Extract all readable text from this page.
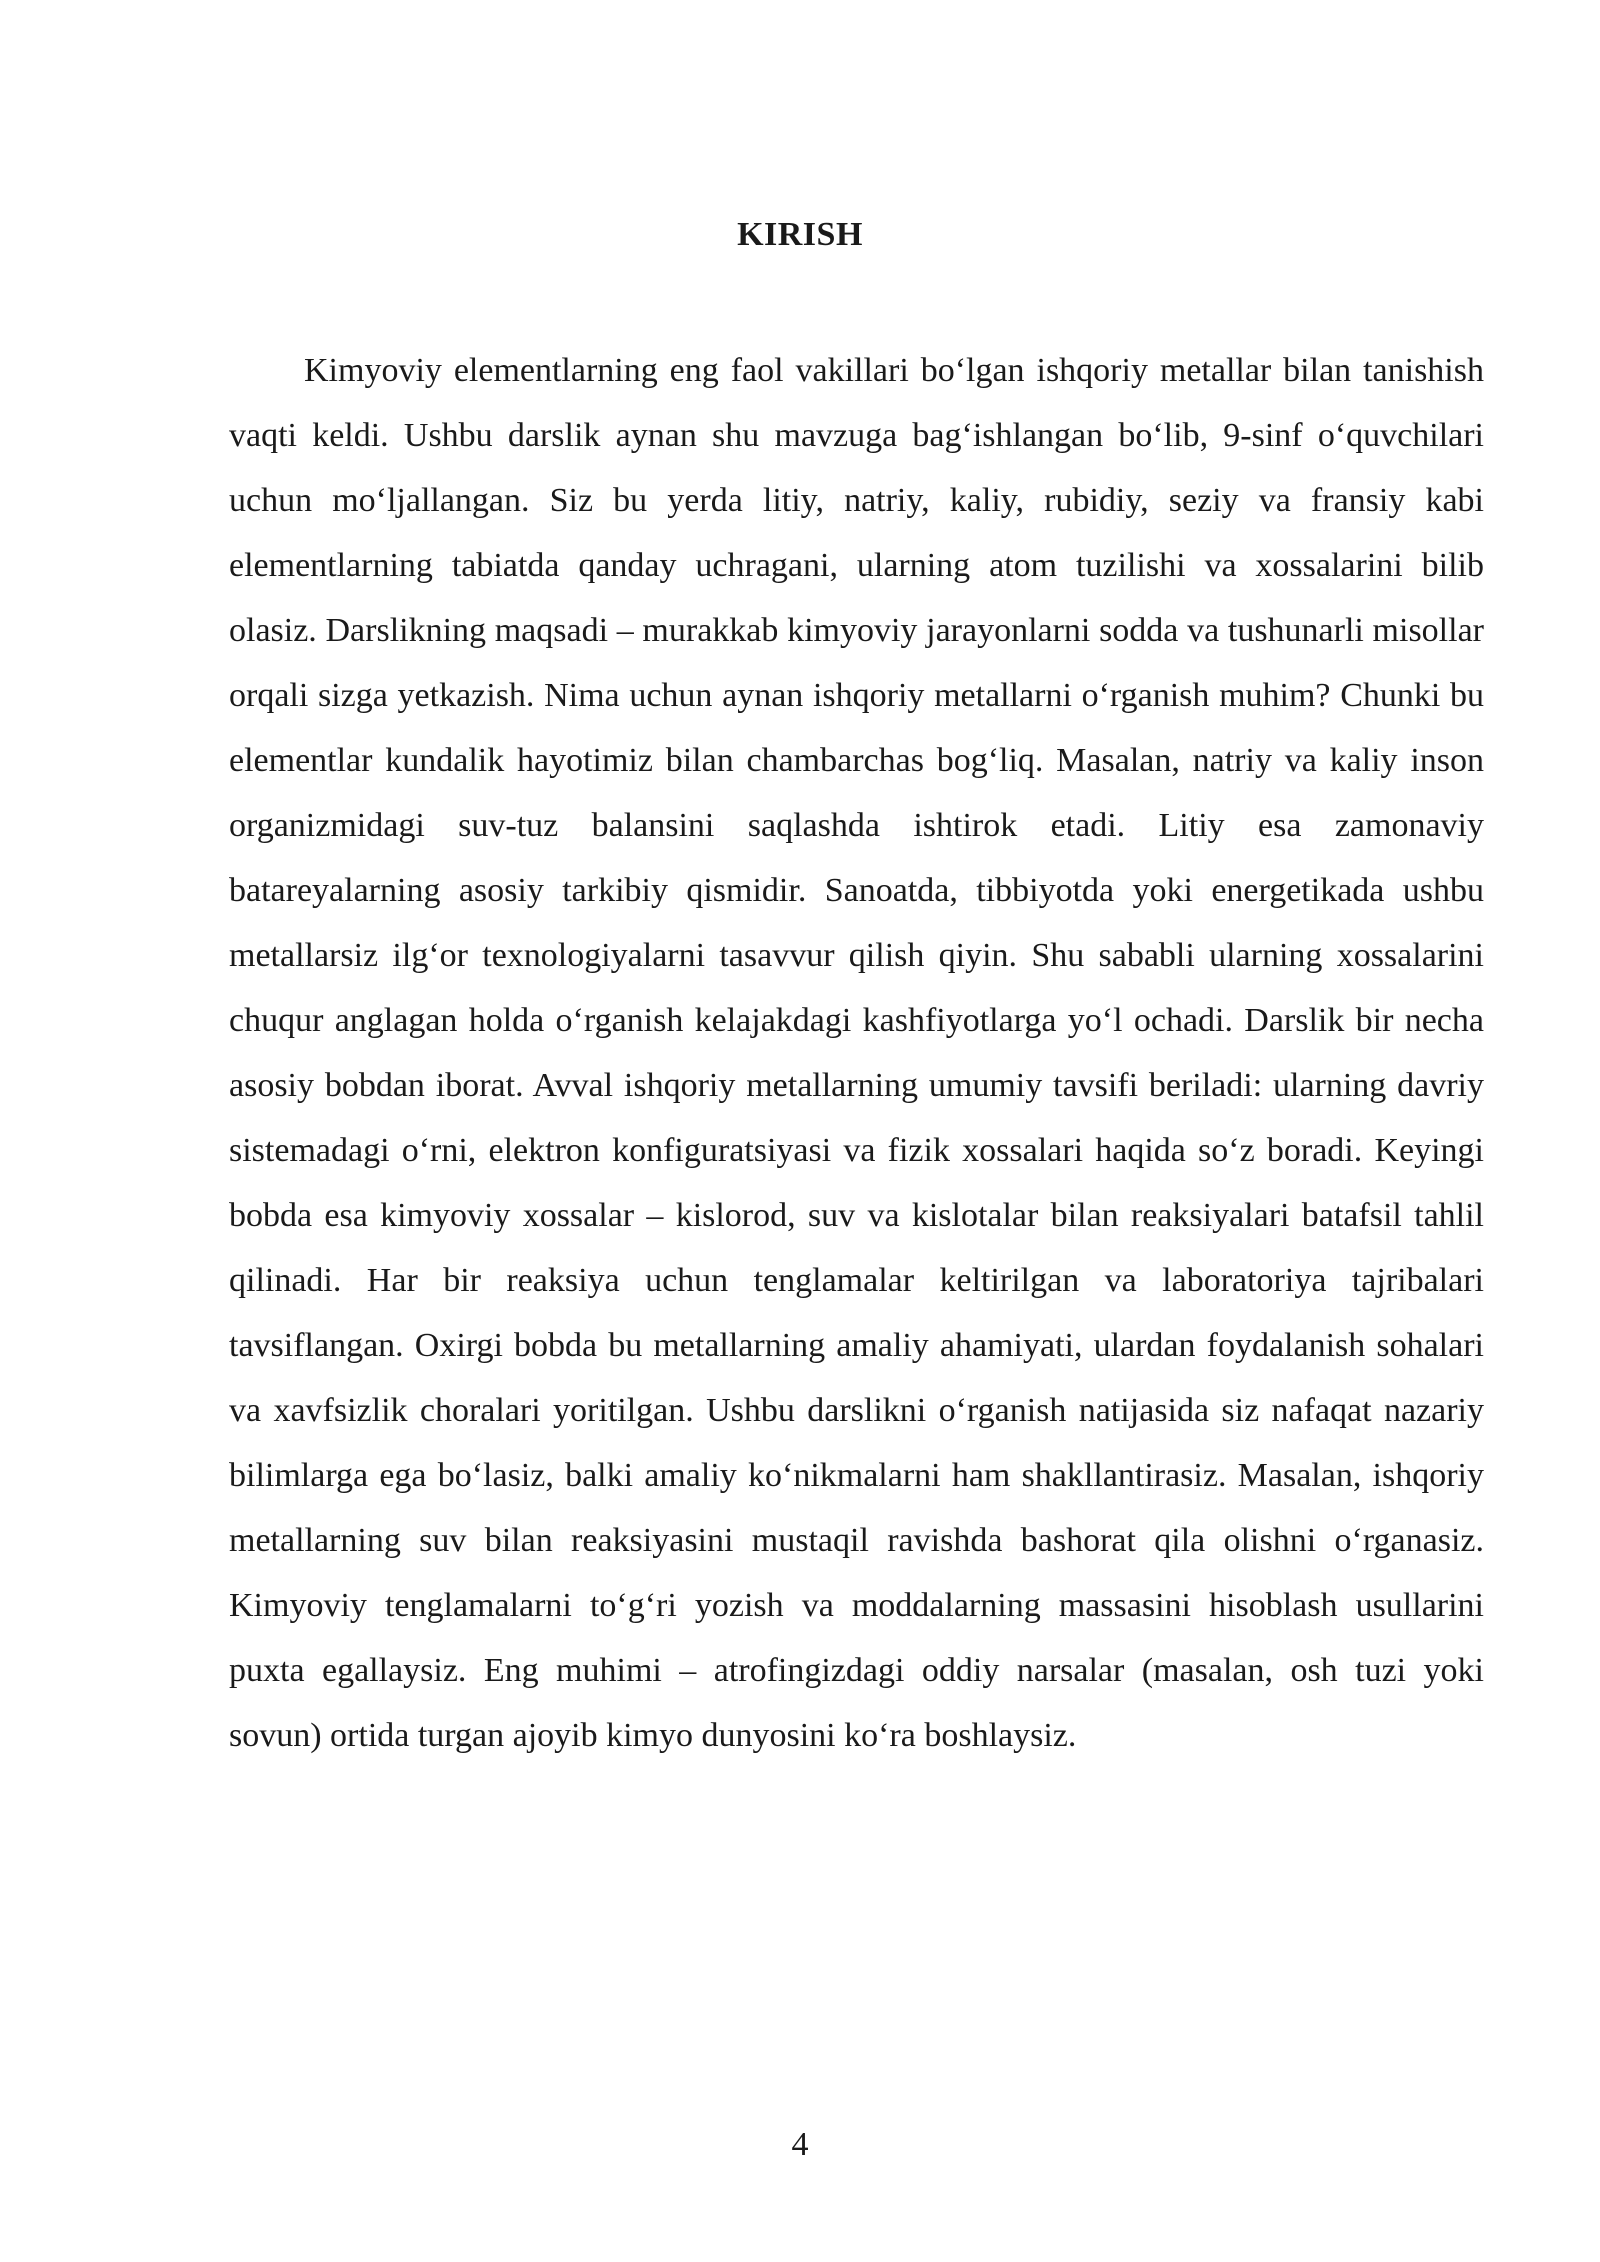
KIRISH

Kimyoviy elementlarning eng faol vakillari bo‘lgan ishqoriy metallar bilan tanishish vaqti keldi. Ushbu darslik aynan shu mavzuga bag‘ishlangan bo‘lib, 9-sinf o‘quvchilari uchun mo‘ljallangan. Siz bu yerda litiy, natriy, kaliy, rubidiy, seziy va fransiy kabi elementlarning tabiatda qanday uchragani, ularning atom tuzilishi va xossalarini bilib olasiz. Darslikning maqsadi – murakkab kimyoviy jarayonlarni sodda va tushunarli misollar orqali sizga yetkazish. Nima uchun aynan ishqoriy metallarni o‘rganish muhim? Chunki bu elementlar kundalik hayotimiz bilan chambarchas bog‘liq. Masalan, natriy va kaliy inson organizmidagi suv-tuz balansini saqlashda ishtirok etadi. Litiy esa zamonaviy batareyalarning asosiy tarkibiy qismidir. Sanoatda, tibbiyotda yoki energetikada ushbu metallarsiz ilg‘or texnologiyalarni tasavvur qilish qiyin. Shu sababli ularning xossalarini chuqur anglagan holda o‘rganish kelajakdagi kashfiyotlarga yo‘l ochadi. Darslik bir necha asosiy bobdan iborat. Avval ishqoriy metallarning umumiy tavsifi beriladi: ularning davriy sistemadagi o‘rni, elektron konfiguratsiyasi va fizik xossalari haqida so‘z boradi. Keyingi bobda esa kimyoviy xossalar – kislorod, suv va kislotalar bilan reaksiyalari batafsil tahlil qilinadi. Har bir reaksiya uchun tenglamalar keltirilgan va laboratoriya tajribalari tavsiflangan. Oxirgi bobda bu metallarning amaliy ahamiyati, ulardan foydalanish sohalari va xavfsizlik choralari yoritilgan. Ushbu darslikni o‘rganish natijasida siz nafaqat nazariy bilimlarga ega bo‘lasiz, balki amaliy ko‘nikmalarni ham shakllantirasiz. Masalan, ishqoriy metallarning suv bilan reaksiyasini mustaqil ravishda bashorat qila olishni o‘rganasiz. Kimyoviy tenglamalarni to‘g‘ri yozish va moddalarning massasini hisoblash usullarini puxta egallaysiz. Eng muhimi – atrofingizdagi oddiy narsalar (masalan, osh tuzi yoki sovun) ortida turgan ajoyib kimyo dunyosini ko‘ra boshlaysiz.

4
